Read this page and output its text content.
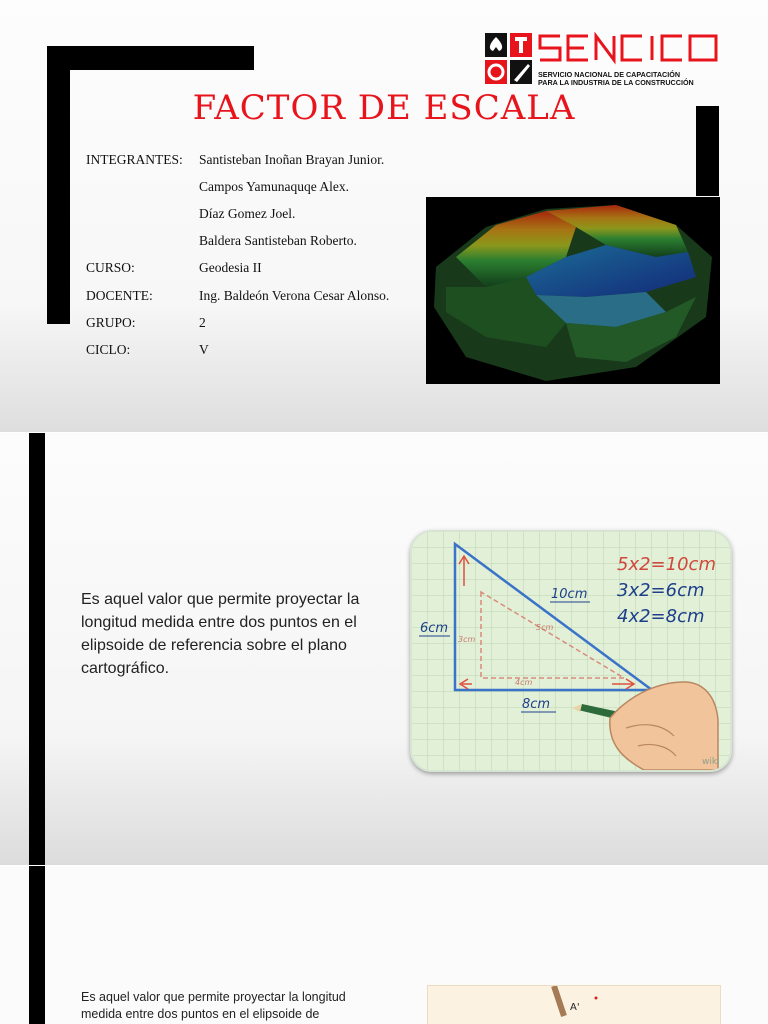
SERVICIO NACIONAL DE CAPACITACIÓN
PARA LA INDUSTRIA DE LA CONSTRUCCIÓN
FACTOR DE ESCALA
INTEGRANTES: Santisteban Inoñan Brayan Junior.
Campos Yamunaquqe Alex.
Díaz Gomez Joel.
Baldera Santisteban Roberto.
CURSO:	Geodesia II
DOCENTE:	Ing. Baldeón Verona Cesar Alonso.
GRUPO:	2
CICLO:	V
Es aquel valor que permite proyectar la longitud medida entre dos puntos en el elipsoide de referencia sobre el plano cartográfico.
10cm
6cm
8cm
5cm
3cm
4cm
5x2=10cm
3x2=6cm
4x2=8cm
wiki
Es aquel valor que permite proyectar la longitud medida entre dos puntos en el elipsoide de	A'
